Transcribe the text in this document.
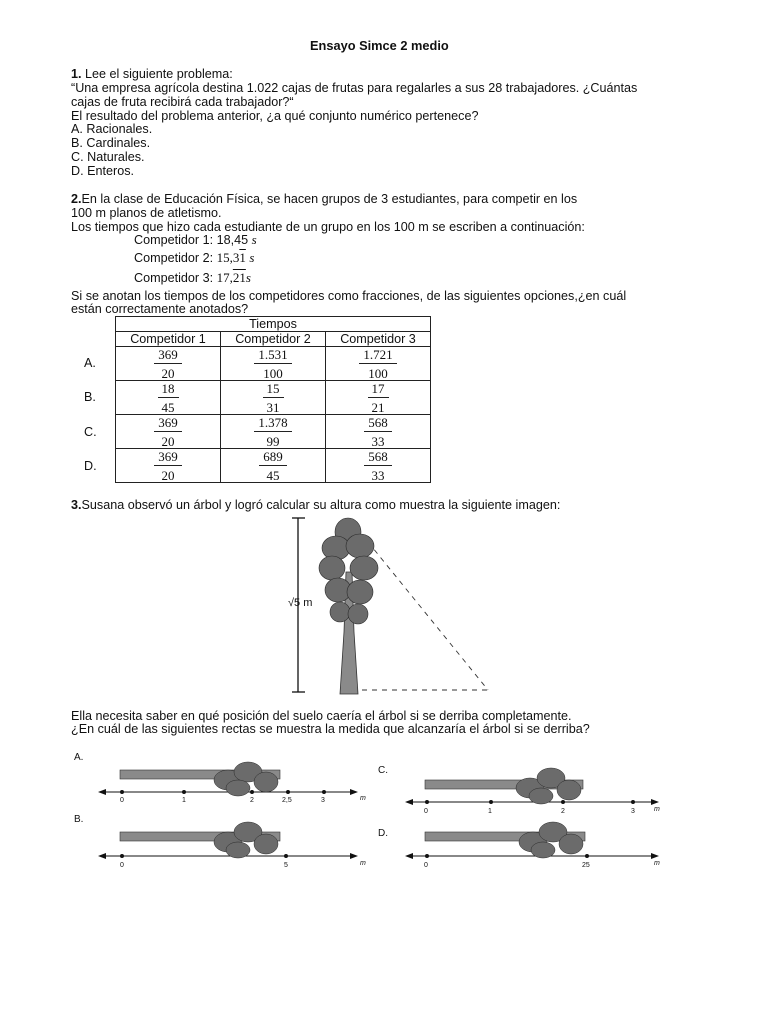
Ensayo Simce 2 medio
1. Lee el siguiente problema:
“Una empresa agrícola destina 1.022 cajas de frutas para regalarles a sus 28 trabajadores. ¿Cuántas
cajas de fruta recibirá cada trabajador?“
El resultado del problema anterior, ¿a qué conjunto numérico pertenece?
A. Racionales.
B. Cardinales.
C. Naturales.
D. Enteros.
2.En la clase de Educación Física, se hacen grupos de 3 estudiantes, para competir en los
100 m planos de atletismo.
Los tiempos que hizo cada estudiante de un grupo en los 100 m se escriben a continuación:
Competidor 1: 18,45 s
Competidor 2: 15,31 s
Competidor 3: 17,21s
Si se anotan los tiempos de los competidores como fracciones, de las siguientes opciones,¿en cuál
están correctamente anotados?
A.
B.
C.
D.
Tiempos		
Competidor 1	Competidor 2	Competidor 3

$\frac{369}{20}$	$\frac{1.531}{100}$	$\frac{1.721}{100}$

$\frac{18}{45}$	$\frac{15}{31}$	$\frac{17}{21}$

$\frac{369}{20}$	$\frac{1.378}{99}$	$\frac{568}{33}$

$\frac{369}{20}$	$\frac{689}{45}$	$\frac{568}{33}$
3.Susana observó un árbol y logró calcular su altura como muestra la siguiente imagen:
√5 m
Ella necesita saber en qué posición del suelo caería el árbol si se derriba completamente.
¿En cuál de las siguientes rectas se muestra la medida que alcanzaría el árbol si se derriba?
A.
0	1	2	2,5	3	m
B.
0	5	m
C.
0	1	2	3	m
D.
0	25	m
